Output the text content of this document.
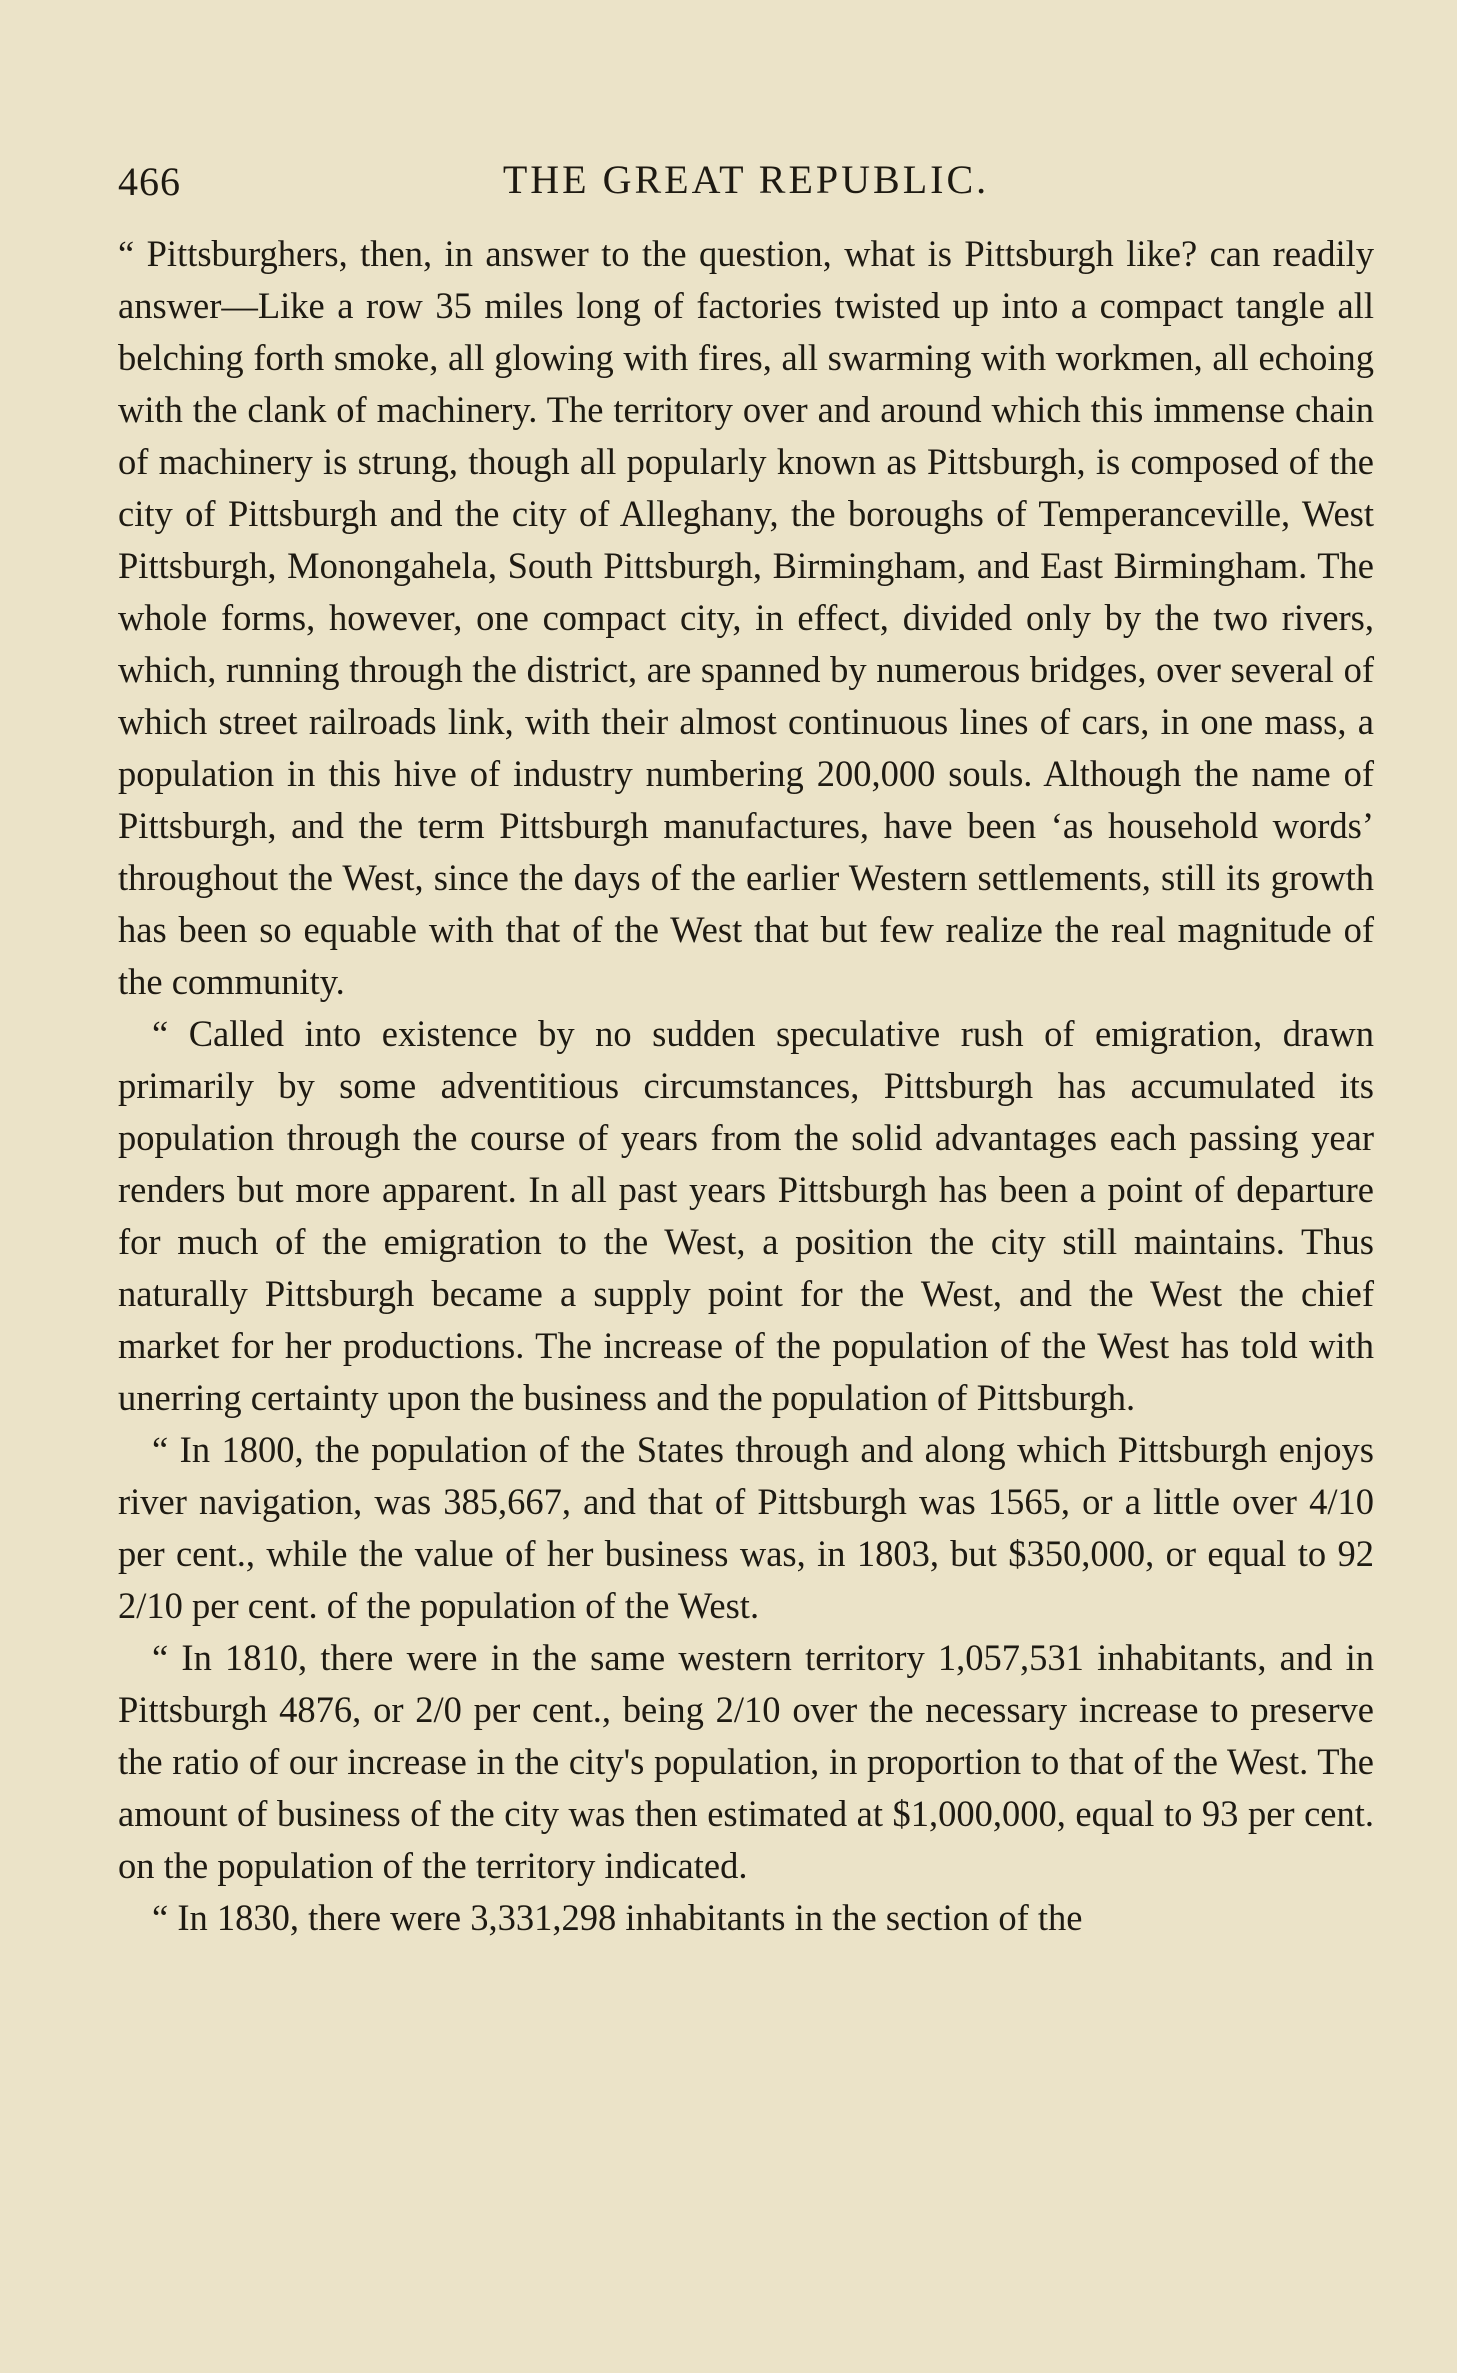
466	THE GREAT REPUBLIC.

“ Pittsburghers, then, in answer to the question, what is Pittsburgh like? can readily answer—Like a row 35 miles long of factories twisted up into a compact tangle all belching forth smoke, all glowing with fires, all swarming with workmen, all echoing with the clank of machinery. The territory over and around which this immense chain of machinery is strung, though all popularly known as Pittsburgh, is composed of the city of Pittsburgh and the city of Alleghany, the boroughs of Temperanceville, West Pittsburgh, Monongahela, South Pittsburgh, Birmingham, and East Birmingham. The whole forms, however, one compact city, in effect, divided only by the two rivers, which, running through the district, are spanned by numerous bridges, over several of which street railroads link, with their almost continuous lines of cars, in one mass, a population in this hive of industry numbering 200,000 souls. Although the name of Pittsburgh, and the term Pittsburgh manufactures, have been ‘as household words’ throughout the West, since the days of the earlier Western settlements, still its growth has been so equable with that of the West that but few realize the real magnitude of the community.

“ Called into existence by no sudden speculative rush of emigration, drawn primarily by some adventitious circumstances, Pittsburgh has accumulated its population through the course of years from the solid advantages each passing year renders but more apparent. In all past years Pittsburgh has been a point of departure for much of the emigration to the West, a position the city still maintains. Thus naturally Pittsburgh became a supply point for the West, and the West the chief market for her productions. The increase of the population of the West has told with unerring certainty upon the business and the population of Pittsburgh.

“ In 1800, the population of the States through and along which Pittsburgh enjoys river navigation, was 385,667, and that of Pittsburgh was 1565, or a little over 4/10 per cent., while the value of her business was, in 1803, but $350,000, or equal to 92 2/10 per cent. of the population of the West.

“ In 1810, there were in the same western territory 1,057,531 inhabitants, and in Pittsburgh 4876, or 2/0 per cent., being 2/10 over the necessary increase to preserve the ratio of our increase in the city's population, in proportion to that of the West. The amount of business of the city was then estimated at $1,000,000, equal to 93 per cent. on the population of the territory indicated.

“ In 1830, there were 3,331,298 inhabitants in the section of the
